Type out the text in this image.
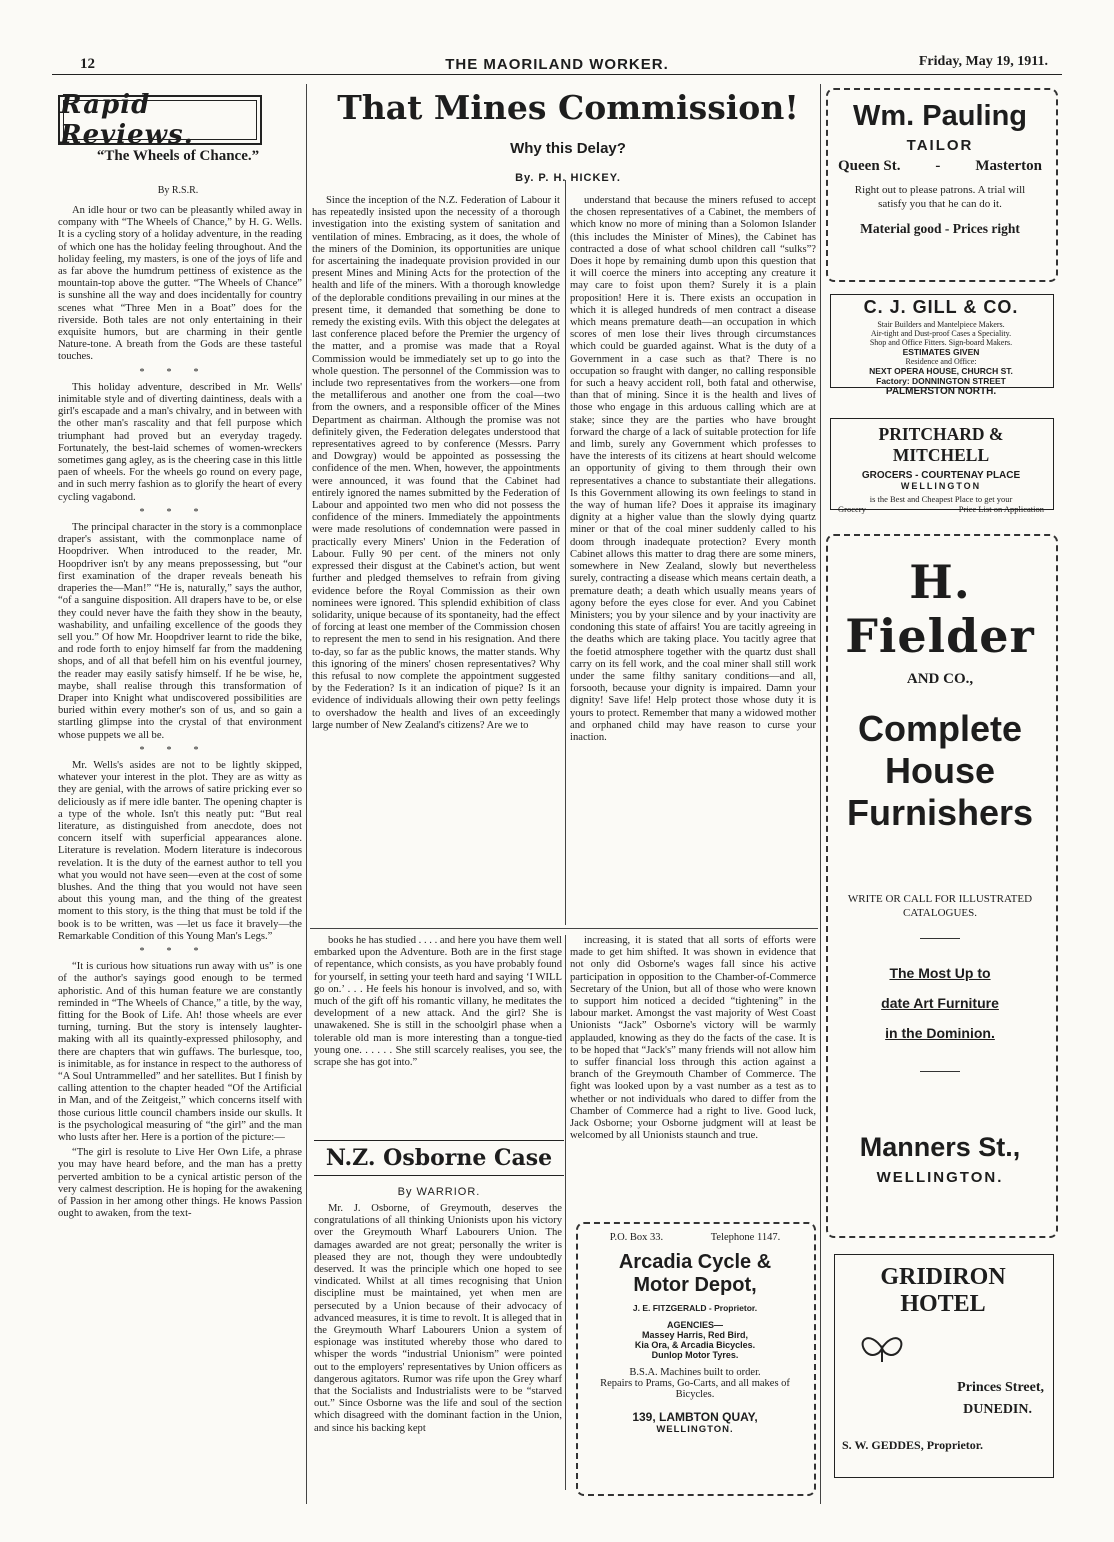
12	THE MAORILAND WORKER.	Friday, May 19, 1911.
Rapid Reviews.
“The Wheels of Chance.”
By R.S.R.

An idle hour or two can be pleasantly whiled away in company with “The Wheels of Chance,” by H. G. Wells. It is a cycling story of a holiday adventure, in the reading of which one has the holiday feeling throughout. And the holiday feeling, my masters, is one of the joys of life and as far above the humdrum pettiness of existence as the mountain-top above the gutter. “The Wheels of Chance” is sunshine all the way and does incidentally for country scenes what “Three Men in a Boat” does for the riverside. Both tales are not only entertaining in their exquisite humors, but are charming in their gentle Nature-tone. A breath from the Gods are these tasteful touches.

***

This holiday adventure, described in Mr. Wells' inimitable style and of diverting daintiness, deals with a girl's escapade and a man's chivalry, and in between with the other man's rascality and that fell purpose which triumphant had proved but an everyday tragedy. Fortunately, the best-laid schemes of women-wreckers sometimes gang agley, as is the cheering case in this little paen of wheels. For the wheels go round on every page, and in such merry fashion as to glorify the heart of every cycling vagabond.

***

The principal character in the story is a commonplace draper's assistant, with the commonplace name of Hoopdriver. When introduced to the reader, Mr. Hoopdriver isn't by any means prepossessing, but “our first examination of the draper reveals beneath his draperies the—Man!” “He is, naturally,” says the author, “of a sanguine disposition. All drapers have to be, or else they could never have the faith they show in the beauty, washability, and unfailing excellence of the goods they sell you.” Of how Mr. Hoopdriver learnt to ride the bike, and rode forth to enjoy himself far from the maddening shops, and of all that befell him on his eventful journey, the reader may easily satisfy himself. If he be wise, he, maybe, shall realise through this transformation of Draper into Knight what undiscovered possibilities are buried within every mother's son of us, and so gain a startling glimpse into the crystal of that environment whose puppets we all be.

***

Mr. Wells's asides are not to be lightly skipped, whatever your interest in the plot. They are as witty as they are genial, with the arrows of satire pricking ever so deliciously as if mere idle banter. The opening chapter is a type of the whole. Isn't this neatly put: “But real literature, as distinguished from anecdote, does not concern itself with superficial appearances alone. Literature is revelation. Modern literature is indecorous revelation. It is the duty of the earnest author to tell you what you would not have seen—even at the cost of some blushes. And the thing that you would not have seen about this young man, and the thing of the greatest moment to this story, is the thing that must be told if the book is to be written, was —let us face it bravely—the Remarkable Condition of this Young Man's Legs.”

***

“It is curious how situations run away with us” is one of the author's sayings good enough to be termed aphoristic. And of this human feature we are constantly reminded in “The Wheels of Chance,” a title, by the way, fitting for the Book of Life. Ah! those wheels are ever turning, turning. But the story is intensely laughter-making with all its quaintly-expressed philosophy, and there are chapters that win guffaws. The burlesque, too, is inimitable, as for instance in respect to the authoress of “A Soul Untrammelled” and her satellites. But I finish by calling attention to the chapter headed “Of the Artificial in Man, and of the Zeitgeist,” which concerns itself with those curious little council chambers inside our skulls. It is the psychological measuring of “the girl” and the man who lusts after her. Here is a portion of the picture:—

“The girl is resolute to Live Her Own Life, a phrase you may have heard before, and the man has a pretty perverted ambition to be a cynical artistic person of the very calmest description. He is hoping for the awakening of Passion in her among other things. He knows Passion ought to awaken, from the text-

That Mines Commission!
Why this Delay?
By. P. H. HICKEY.

Since the inception of the N.Z. Federation of Labour it has repeatedly insisted upon the necessity of a thorough investigation into the existing system of sanitation and ventilation of mines. Embracing, as it does, the whole of the miners of the Dominion, its opportunities are unique for ascertaining the inadequate provision provided in our present Mines and Mining Acts for the protection of the health and life of the miners. With a thorough knowledge of the deplorable conditions prevailing in our mines at the present time, it demanded that something be done to remedy the existing evils. With this object the delegates at last conference placed before the Premier the urgency of the matter, and a promise was made that a Royal Commission would be immediately set up to go into the whole question. The personnel of the Commission was to include two representatives from the workers—one from the metalliferous and another one from the coal—two from the owners, and a responsible officer of the Mines Department as chairman. Although the promise was not definitely given, the Federation delegates understood that representatives agreed to by conference (Messrs. Parry and Dowgray) would be appointed as possessing the confidence of the men. When, however, the appointments were announced, it was found that the Cabinet had entirely ignored the names submitted by the Federation of Labour and appointed two men who did not possess the confidence of the miners. Immediately the appointments were made resolutions of condemnation were passed in practically every Miners' Union in the Federation of Labour. Fully 90 per cent. of the miners not only expressed their disgust at the Cabinet's action, but went further and pledged themselves to refrain from giving evidence before the Royal Commission as their own nominees were ignored. This splendid exhibition of class solidarity, unique because of its spontaneity, had the effect of forcing at least one member of the Commission chosen to represent the men to send in his resignation. And there to-day, so far as the public knows, the matter stands. Why this ignoring of the miners' chosen representatives? Why this refusal to now complete the appointment suggested by the Federation? Is it an indication of pique? Is it an evidence of individuals allowing their own petty feelings to overshadow the health and lives of an exceedingly large number of New Zealand's citizens? Are we to

understand that because the miners refused to accept the chosen representatives of a Cabinet, the members of which know no more of mining than a Solomon Islander (this includes the Minister of Mines), the Cabinet has contracted a dose of what school children call “sulks”? Does it hope by remaining dumb upon this question that it will coerce the miners into accepting any creature it may care to foist upon them? Surely it is a plain proposition! Here it is. There exists an occupation in which it is alleged hundreds of men contract a disease which means premature death—an occupation in which scores of men lose their lives through circumstances which could be guarded against. What is the duty of a Government in a case such as that? There is no occupation so fraught with danger, no calling responsible for such a heavy accident roll, both fatal and otherwise, than that of mining. Since it is the health and lives of those who engage in this arduous calling which are at stake; since they are the parties who have brought forward the charge of a lack of suitable protection for life and limb, surely any Government which professes to have the interests of its citizens at heart should welcome an opportunity of giving to them through their own representatives a chance to substantiate their allegations. Is this Government allowing its own feelings to stand in the way of human life? Does it appraise its imaginary dignity at a higher value than the slowly dying quartz miner or that of the coal miner suddenly called to his doom through inadequate protection? Every month Cabinet allows this matter to drag there are some miners, somewhere in New Zealand, slowly but nevertheless surely, contracting a disease which means certain death, a premature death; a death which usually means years of agony before the eyes close for ever. And you Cabinet Ministers; you by your silence and by your inactivity are condoning this state of affairs! You are tacitly agreeing in the deaths which are taking place. You tacitly agree that the foetid atmosphere together with the quartz dust shall carry on its fell work, and the coal miner shall still work under the same filthy sanitary conditions—and all, forsooth, because your dignity is impaired. Damn your dignity! Save life! Help protect those whose duty it is yours to protect. Remember that many a widowed mother and orphaned child may have reason to curse your inaction.

books he has studied . . . . and here you have them well embarked upon the Adventure. Both are in the first stage of repentance, which consists, as you have probably found for yourself, in setting your teeth hard and saying ‘I WILL go on.’ . . . He feels his honour is involved, and so, with much of the gift off his romantic villany, he meditates the development of a new attack. And the girl? She is unawakened. She is still in the schoolgirl phase when a tolerable old man is more interesting than a tongue-tied young one. . . . . . She still scarcely realises, you see, the scrape she has got into.”

N.Z. Osborne Case
By WARRIOR.

Mr. J. Osborne, of Greymouth, deserves the congratulations of all thinking Unionists upon his victory over the Greymouth Wharf Labourers Union. The damages awarded are not great; personally the writer is pleased they are not, though they were undoubtedly deserved. It was the principle which one hoped to see vindicated. Whilst at all times recognising that Union discipline must be maintained, yet when men are persecuted by a Union because of their advocacy of advanced measures, it is time to revolt. It is alleged that in the Greymouth Wharf Labourers Union a system of espionage was instituted whereby those who dared to whisper the words “industrial Unionism” were pointed out to the employers' representatives by Union officers as dangerous agitators. Rumor was rife upon the Grey wharf that the Socialists and Industrialists were to be “starved out.” Since Osborne was the life and soul of the section which disagreed with the dominant faction in the Union, and since his backing kept

increasing, it is stated that all sorts of efforts were made to get him shifted. It was shown in evidence that not only did Osborne's wages fall since his active participation in opposition to the Chamber-of-Commerce Secretary of the Union, but all of those who were known to support him noticed a decided “tightening” in the labour market. Amongst the vast majority of West Coast Unionists “Jack” Osborne's victory will be warmly applauded, knowing as they do the facts of the case. It is to be hoped that “Jack's” many friends will not allow him to suffer financial loss through this action against a branch of the Greymouth Chamber of Commerce. The fight was looked upon by a vast number as a test as to whether or not individuals who dared to differ from the Chamber of Commerce had a right to live. Good luck, Jack Osborne; your Osborne judgment will at least be welcomed by all Unionists staunch and true.

P.O. Box 33.	Telephone 1147.
Arcadia Cycle &
Motor Depot,
J. E. FITZGERALD - Proprietor.
AGENCIES—
Massey Harris, Red Bird,
Kia Ora, & Arcadia Bicycles.
Dunlop Motor Tyres.
B.S.A. Machines built to order.
Repairs to Prams, Go-Carts, and all makes of Bicycles.
139, LAMBTON QUAY,
WELLINGTON.
Wm. Pauling
TAILOR
Queen St. - Masterton
Right out to please patrons. A trial will satisfy you that he can do it.
Material good - Prices right
C. J. GILL & CO.
Stair Builders and Mantelpiece Makers.
Air-tight and Dust-proof Cases a Speciality.
Shop and Office Fitters. Sign-board Makers.
ESTIMATES GIVEN
Residence and Office:
NEXT OPERA HOUSE, CHURCH ST.
Factory: DONNINGTON STREET
PALMERSTON NORTH.
PRITCHARD & MITCHELL
GROCERS - COURTENAY PLACE
WELLINGTON
is the Best and Cheapest Place to get your
Grocery	Price List on Application
H. Fielder
AND CO.,
Complete
House
Furnishers
WRITE OR CALL FOR ILLUSTRATED CATALOGUES.
The Most Up to
date Art Furniture
in the Dominion.
Manners St.,
WELLINGTON.
GRIDIRON HOTEL
Princes Street,
DUNEDIN.
S. W. GEDDES, Proprietor.
